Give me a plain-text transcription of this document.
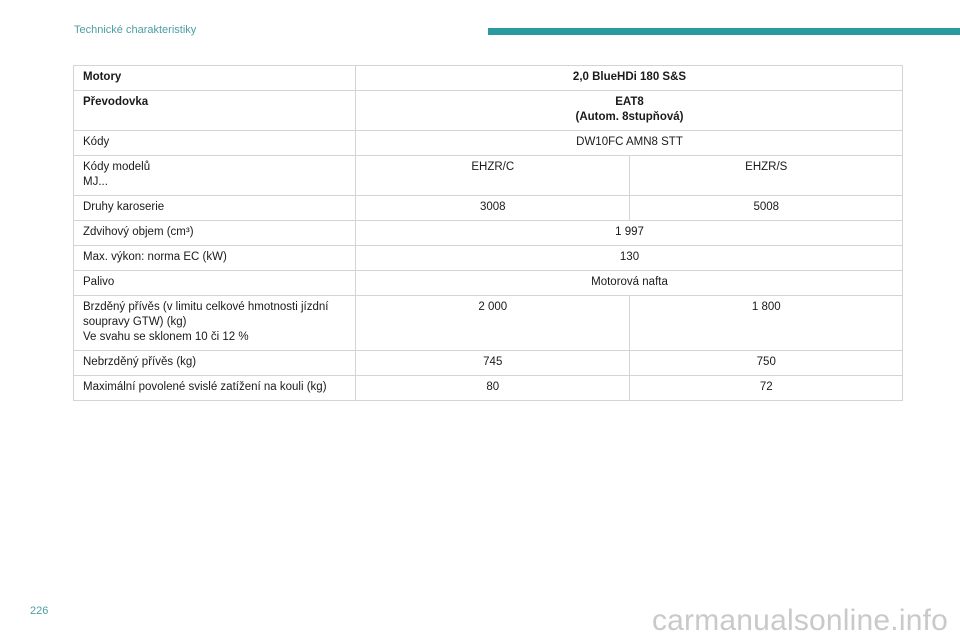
Technické charakteristiky
Motory	2,0 BlueHDi 180 S&S	
Převodovka	EAT8
(Autom. 8stupňová)	

Kódy	DW10FC AMN8 STT	

Kódy modelů
MJ...	EHZR/C	EHZR/S
Druhy karoserie	3008	5008
Zdvihový objem (cm³)	1 997	
Max. výkon: norma EC (kW)	130	
Palivo	Motorová nafta	

Brzděný přívěs (v limitu celkové hmotnosti jízdní
soupravy GTW) (kg)
Ve svahu se sklonem 10 či 12 %	2 000	1 800
Nebrzděný přívěs (kg)	745	750
Maximální povolené svislé zatížení na kouli (kg)	80	72
226	carmanualsonline.info
